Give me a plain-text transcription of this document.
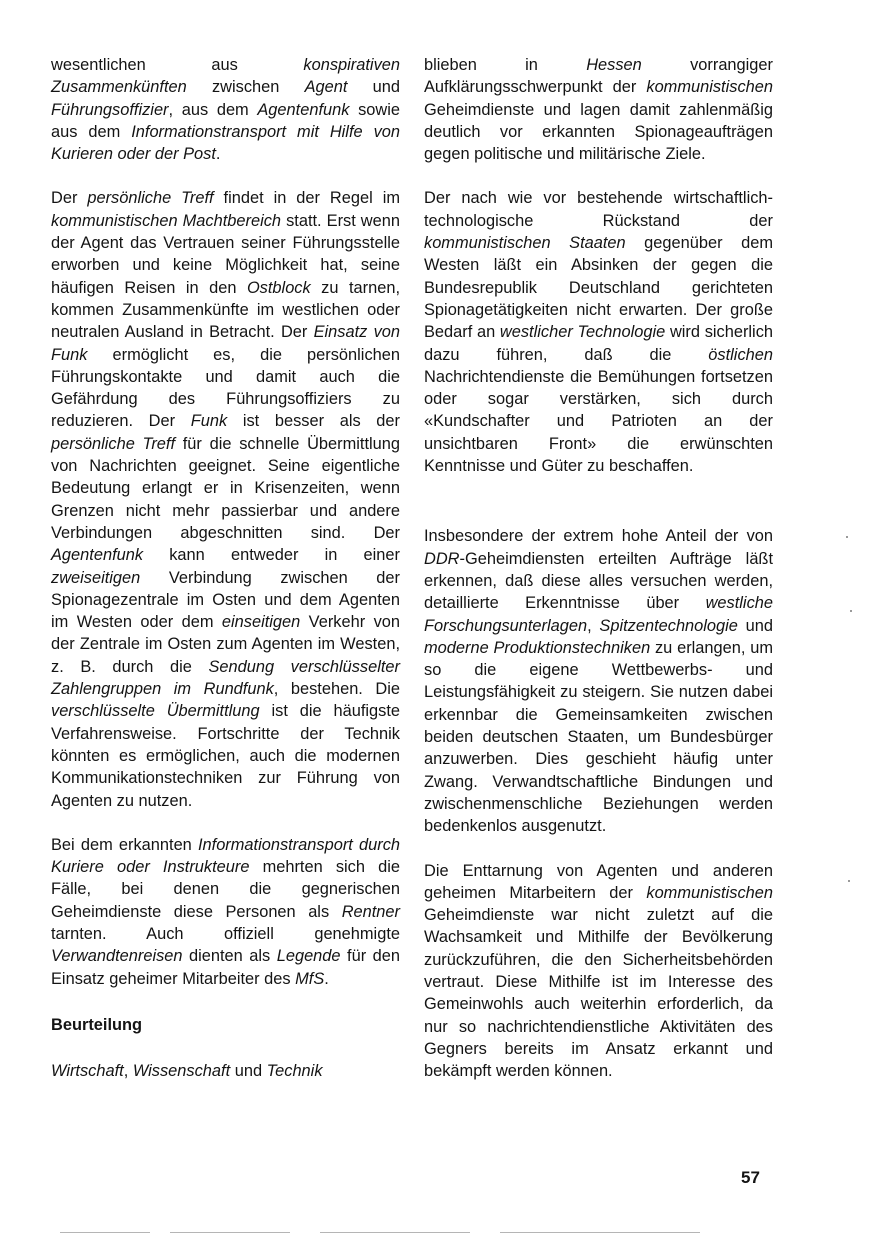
wesentlichen aus konspirativen Zusammenkünften zwischen Agent und Führungsoffizier, aus dem Agentenfunk sowie aus dem Informationstransport mit Hilfe von Kurieren oder der Post.

Der persönliche Treff findet in der Regel im kommunistischen Machtbereich statt. Erst wenn der Agent das Vertrauen seiner Führungsstelle erworben und keine Möglichkeit hat, seine häufigen Reisen in den Ostblock zu tarnen, kommen Zusammenkünfte im westlichen oder neutralen Ausland in Betracht. Der Einsatz von Funk ermöglicht es, die persönlichen Führungskontakte und damit auch die Gefährdung des Führungsoffiziers zu reduzieren. Der Funk ist besser als der persönliche Treff für die schnelle Übermittlung von Nachrichten geeignet. Seine eigentliche Bedeutung erlangt er in Krisenzeiten, wenn Grenzen nicht mehr passierbar und andere Verbindungen abgeschnitten sind. Der Agentenfunk kann entweder in einer zweiseitigen Verbindung zwischen der Spionagezentrale im Osten und dem Agenten im Westen oder dem einseitigen Verkehr von der Zentrale im Osten zum Agenten im Westen, z. B. durch die Sendung verschlüsselter Zahlengruppen im Rundfunk, bestehen. Die verschlüsselte Übermittlung ist die häufigste Verfahrensweise. Fortschritte der Technik könnten es ermöglichen, auch die modernen Kommunikationstechniken zur Führung von Agenten zu nutzen.

Bei dem erkannten Informationstransport durch Kuriere oder Instrukteure mehrten sich die Fälle, bei denen die gegnerischen Geheimdienste diese Personen als Rentner tarnten. Auch offiziell genehmigte Verwandtenreisen dienten als Legende für den Einsatz geheimer Mitarbeiter des MfS.

Beurteilung

Wirtschaft, Wissenschaft und Technik

blieben in Hessen vorrangiger Aufklärungsschwerpunkt der kommunistischen Geheimdienste und lagen damit zahlenmäßig deutlich vor erkannten Spionageaufträgen gegen politische und militärische Ziele.

Der nach wie vor bestehende wirtschaftlich-technologische Rückstand der kommunistischen Staaten gegenüber dem Westen läßt ein Absinken der gegen die Bundesrepublik Deutschland gerichteten Spionagetätigkeiten nicht erwarten. Der große Bedarf an westlicher Technologie wird sicherlich dazu führen, daß die östlichen Nachrichtendienste die Bemühungen fortsetzen oder sogar verstärken, sich durch «Kundschafter und Patrioten an der unsichtbaren Front» die erwünschten Kenntnisse und Güter zu beschaffen.

Insbesondere der extrem hohe Anteil der von DDR-Geheimdiensten erteilten Aufträge läßt erkennen, daß diese alles versuchen werden, detaillierte Erkenntnisse über westliche Forschungsunterlagen, Spitzentechnologie und moderne Produktionstechniken zu erlangen, um so die eigene Wettbewerbs- und Leistungsfähigkeit zu steigern. Sie nutzen dabei erkennbar die Gemeinsamkeiten zwischen beiden deutschen Staaten, um Bundesbürger anzuwerben. Dies geschieht häufig unter Zwang. Verwandtschaftliche Bindungen und zwischenmenschliche Beziehungen werden bedenkenlos ausgenutzt.

Die Enttarnung von Agenten und anderen geheimen Mitarbeitern der kommunistischen Geheimdienste war nicht zuletzt auf die Wachsamkeit und Mithilfe der Bevölkerung zurückzuführen, die den Sicherheitsbehörden vertraut. Diese Mithilfe ist im Interesse des Gemeinwohls auch weiterhin erforderlich, da nur so nachrichtendienstliche Aktivitäten des Gegners bereits im Ansatz erkannt und bekämpft werden können.

57
